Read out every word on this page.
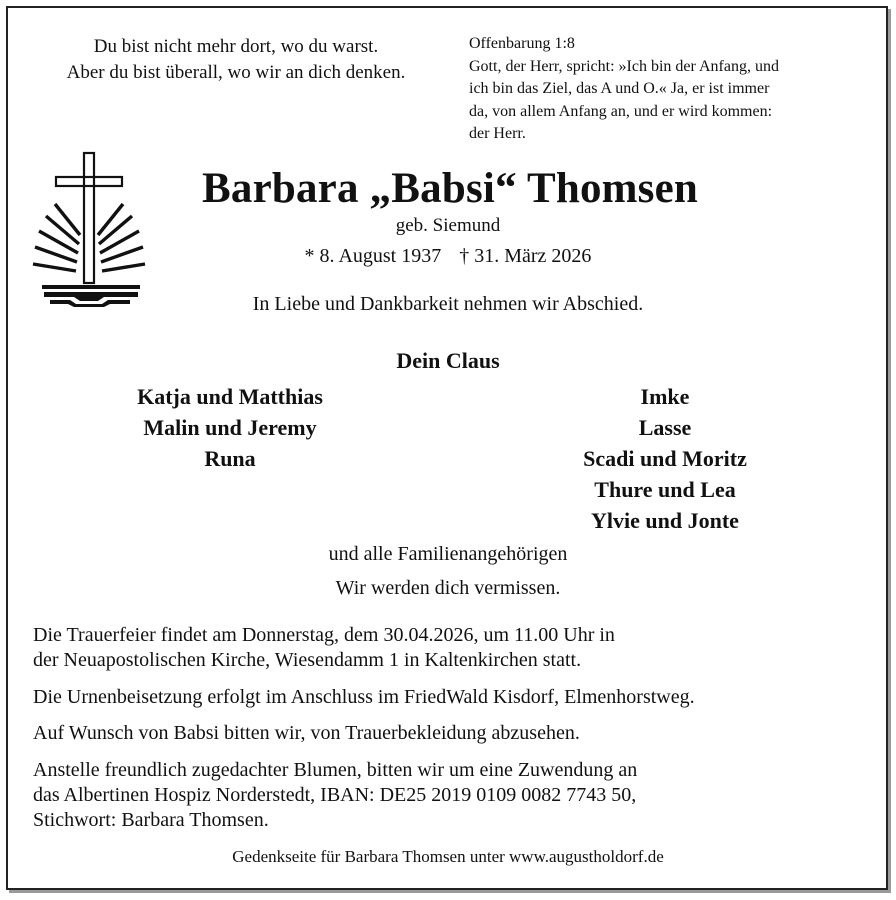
Du bist nicht mehr dort, wo du warst.
Aber du bist überall, wo wir an dich denken.
Offenbarung 1:8
Gott, der Herr, spricht: »Ich bin der Anfang, und
ich bin das Ziel, das A und O.« Ja, er ist immer
da, von allem Anfang an, und er wird kommen:
der Herr.
Barbara „Babsi“ Thomsen
geb. Siemund
* 8. August 1937 † 31. März 2026
In Liebe und Dankbarkeit nehmen wir Abschied.
Dein Claus
Katja und Matthias
Malin und Jeremy
Runa
Imke
Lasse
Scadi und Moritz
Thure und Lea
Ylvie und Jonte
und alle Familienangehörigen
Wir werden dich vermissen.
Die Trauerfeier findet am Donnerstag, dem 30.04.2026, um 11.00 Uhr in
der Neuapostolischen Kirche, Wiesendamm 1 in Kaltenkirchen statt.
Die Urnenbeisetzung erfolgt im Anschluss im FriedWald Kisdorf, Elmenhorstweg.
Auf Wunsch von Babsi bitten wir, von Trauerbekleidung abzusehen.
Anstelle freundlich zugedachter Blumen, bitten wir um eine Zuwendung an
das Albertinen Hospiz Norderstedt, IBAN: DE25 2019 0109 0082 7743 50,
Stichwort: Barbara Thomsen.
Gedenkseite für Barbara Thomsen unter www.augustholdorf.de
